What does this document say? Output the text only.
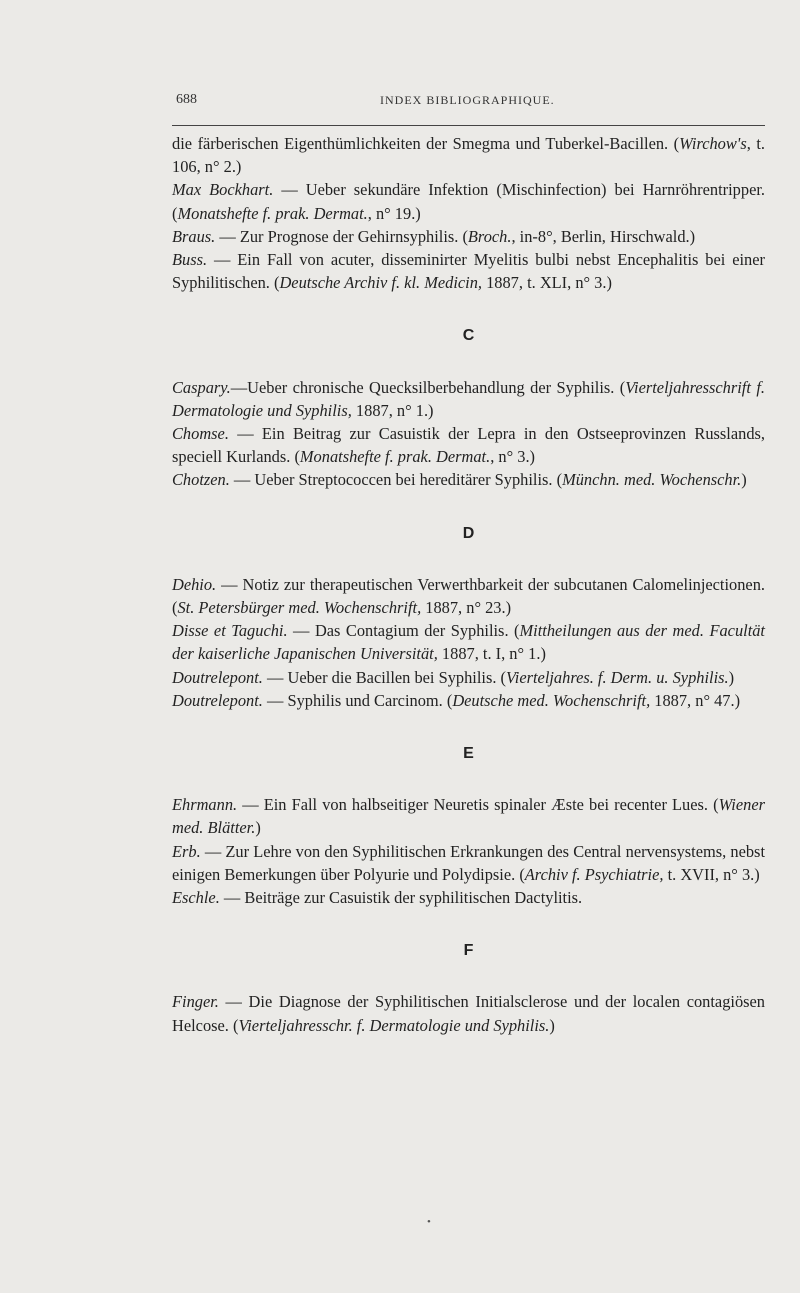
688	INDEX BIBLIOGRAPHIQUE.

die färberischen Eigenthümlichkeiten der Smegma und Tuberkel-Bacillen. (Wirchow's, t. 106, n° 2.)

Max Bockhart. — Ueber sekundäre Infektion (Mischinfection) bei Harnröhrentripper. (Monatshefte f. prak. Dermat., n° 19.)

Braus. — Zur Prognose der Gehirnsyphilis. (Broch., in-8°, Berlin, Hirschwald.)

Buss. — Ein Fall von acuter, disseminirter Myelitis bulbi nebst Encephalitis bei einer Syphilitischen. (Deutsche Archiv f. kl. Medicin, 1887, t. XLI, n° 3.)

C

Caspary.—Ueber chronische Quecksilberbehandlung der Syphilis. (Vierteljahresschrift f. Dermatologie und Syphilis, 1887, n° 1.)

Chomse. — Ein Beitrag zur Casuistik der Lepra in den Ostseeprovinzen Russlands, speciell Kurlands. (Monatshefte f. prak. Dermat., n° 3.)

Chotzen. — Ueber Streptococcen bei hereditärer Syphilis. (Münchn. med. Wochenschr.)

D

Dehio. — Notiz zur therapeutischen Verwerthbarkeit der subcutanen Calomelinjectionen. (St. Petersbürger med. Wochenschrift, 1887, n° 23.)

Disse et Taguchi. — Das Contagium der Syphilis. (Mittheilungen aus der med. Facultät der kaiserliche Japanischen Universität, 1887, t. I, n° 1.)

Doutrelepont. — Ueber die Bacillen bei Syphilis. (Vierteljahres. f. Derm. u. Syphilis.)

Doutrelepont. — Syphilis und Carcinom. (Deutsche med. Wochenschrift, 1887, n° 47.)

E

Ehrmann. — Ein Fall von halbseitiger Neuretis spinaler Æste bei recenter Lues. (Wiener med. Blätter.)

Erb. — Zur Lehre von den Syphilitischen Erkrankungen des Central nervensystems, nebst einigen Bemerkungen über Polyurie und Polydipsie. (Archiv f. Psychiatrie, t. XVII, n° 3.)

Eschle. — Beiträge zur Casuistik der syphilitischen Dactylitis.

F

Finger. — Die Diagnose der Syphilitischen Initialsclerose und der localen contagiösen Helcose. (Vierteljahresschr. f. Dermatologie und Syphilis.)

•
